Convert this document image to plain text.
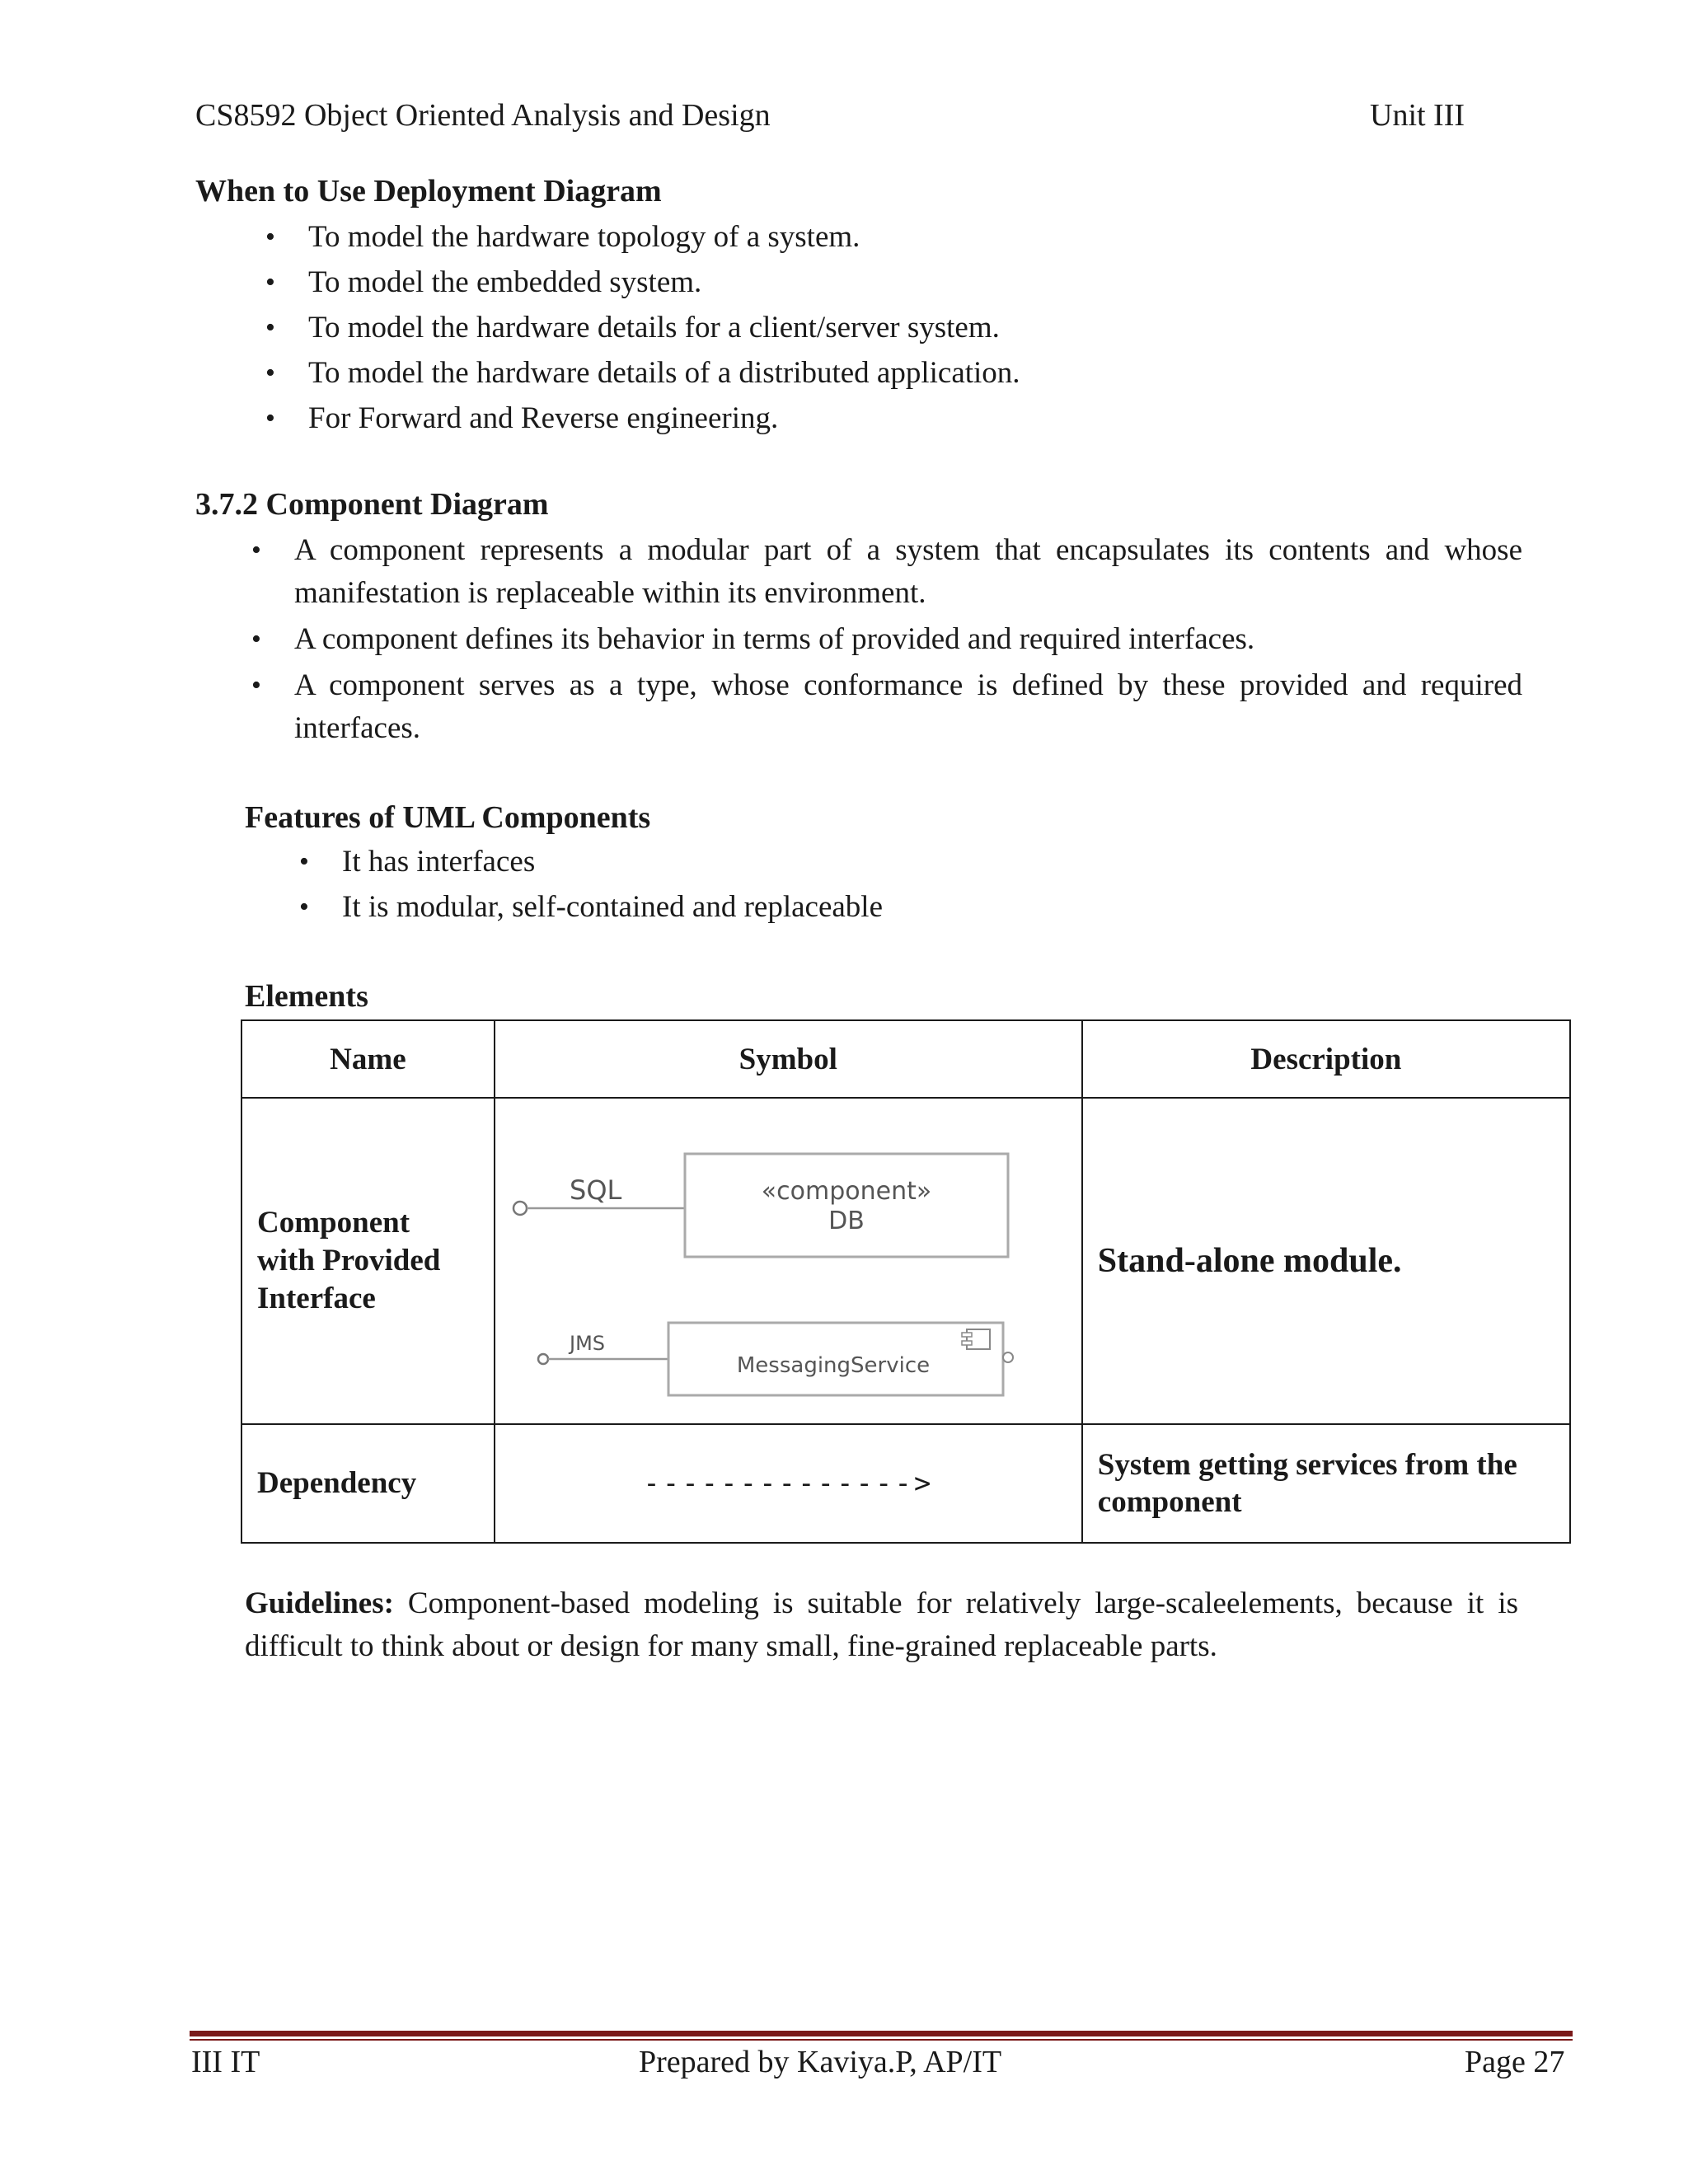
CS8592 Object Oriented Analysis and Design	Unit III
When to Use Deployment Diagram
• To model the hardware topology of a system.
• To model the embedded system.
• To model the hardware details for a client/server system.
• To model the hardware details of a distributed application.
• For Forward and Reverse engineering.
3.7.2 Component Diagram
• A component represents a modular part of a system that encapsulates its contents and whose manifestation is replaceable within its environment.
• A component defines its behavior in terms of provided and required interfaces.
• A component serves as a type, whose conformance is defined by these provided and required interfaces.
Features of UML Components
• It has interfaces
• It is modular, self-contained and replaceable
Elements
Name	Symbol	Description
Component with Provided Interface	SQL «component»
DB
JMS
MessagingService	Stand-alone module.
Dependency	-------------->	System getting services from the component
Guidelines: Component-based modeling is suitable for relatively large-scaleelements, because it is difficult to think about or design for many small, fine-grained replaceable parts.
III IT	Prepared by Kaviya.P, AP/IT	Page 27
